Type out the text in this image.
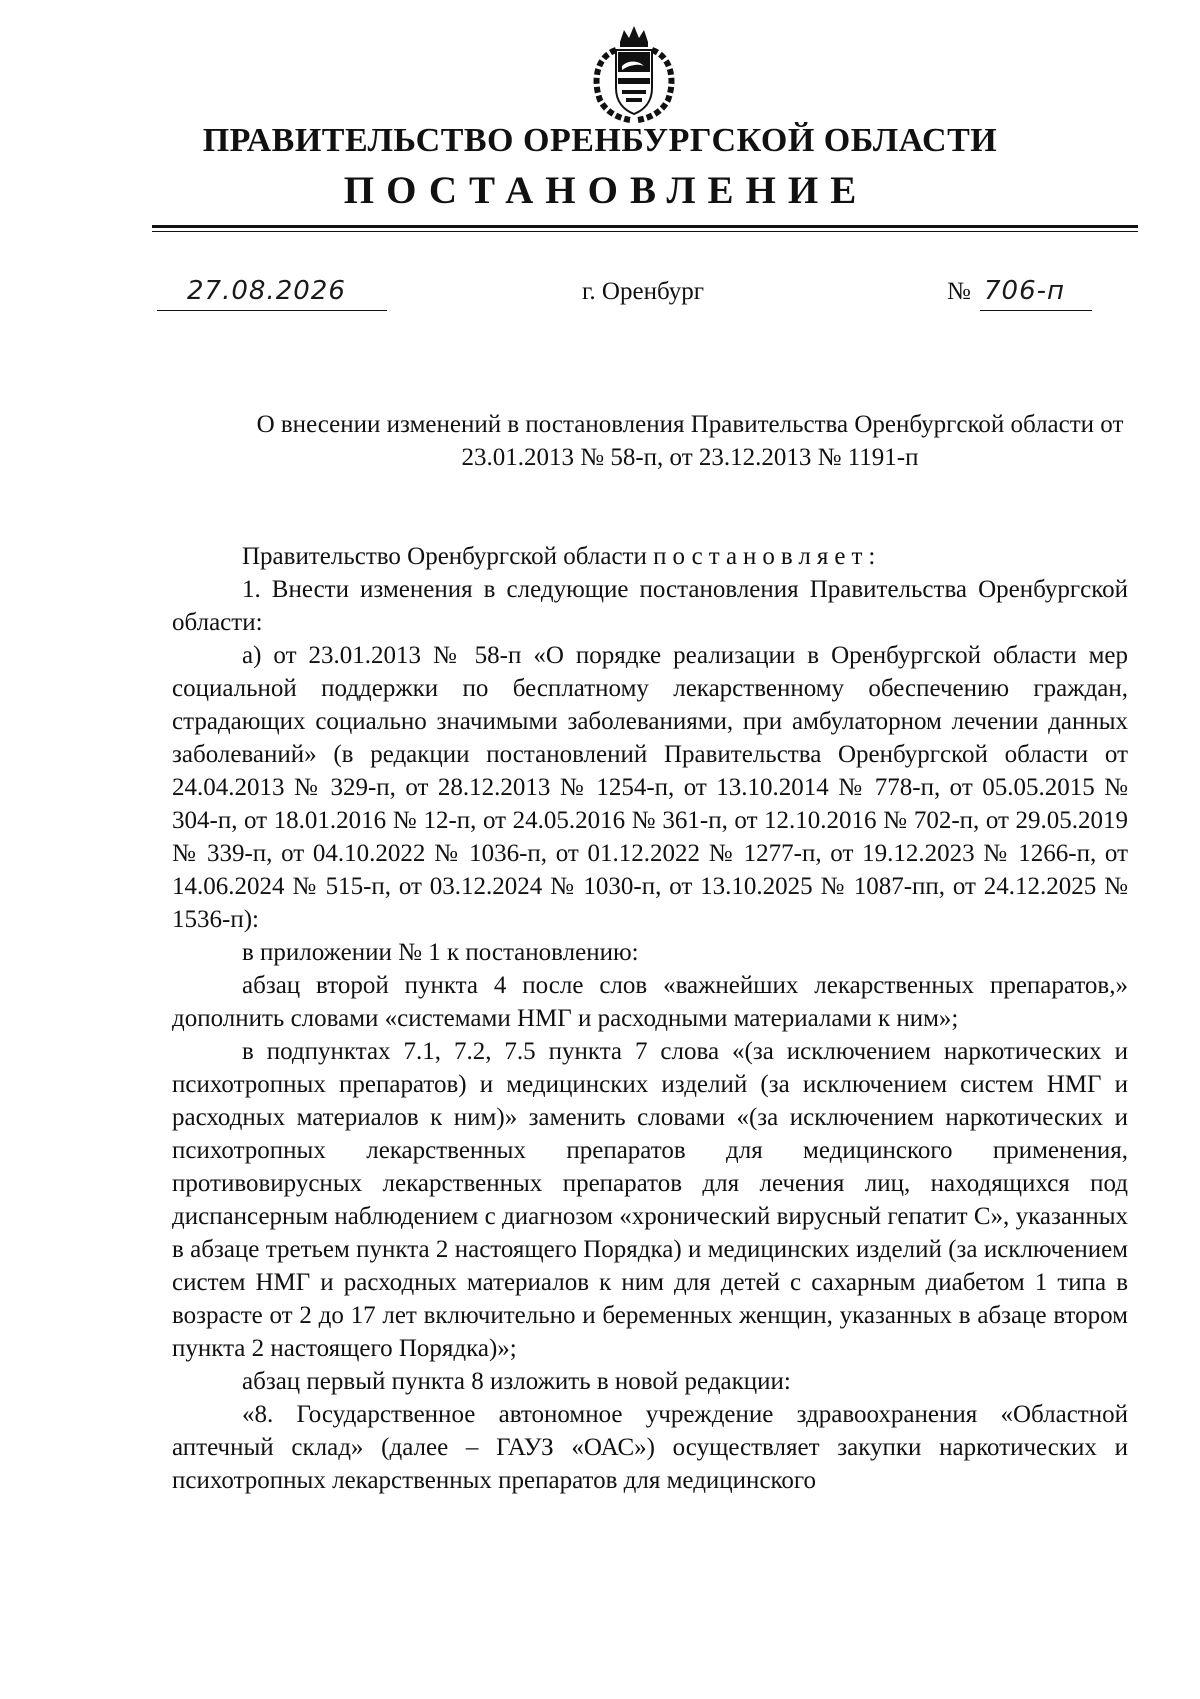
ПРАВИТЕЛЬСТВО ОРЕНБУРГСКОЙ ОБЛАСТИ
ПОСТАНОВЛЕНИЕ
27.08.2026	г. Оренбург	№ 706-п

О внесении изменений в постановления Правительства Оренбургской области от 23.01.2013 № 58-п, от 23.12.2013 № 1191-п

Правительство Оренбургской области постановляет:

1. Внести изменения в следующие постановления Правительства Оренбургской области:

а) от 23.01.2013 № 58-п «О порядке реализации в Оренбургской области мер социальной поддержки по бесплатному лекарственному обеспечению граждан, страдающих социально значимыми заболеваниями, при амбулаторном лечении данных заболеваний» (в редакции постановлений Правительства Оренбургской области от 24.04.2013 № 329-п, от 28.12.2013 № 1254-п, от 13.10.2014 № 778-п, от 05.05.2015 № 304-п, от 18.01.2016 № 12-п, от 24.05.2016 № 361-п, от 12.10.2016 № 702-п, от 29.05.2019 № 339-п, от 04.10.2022 № 1036-п, от 01.12.2022 № 1277-п, от 19.12.2023 № 1266-п, от 14.06.2024 № 515-п, от 03.12.2024 № 1030-п, от 13.10.2025 № 1087-пп, от 24.12.2025 № 1536-п):

в приложении № 1 к постановлению:

абзац второй пункта 4 после слов «важнейших лекарственных препаратов,» дополнить словами «системами НМГ и расходными материалами к ним»;

в подпунктах 7.1, 7.2, 7.5 пункта 7 слова «(за исключением наркотических и психотропных препаратов) и медицинских изделий (за исключением систем НМГ и расходных материалов к ним)» заменить словами «(за исключением наркотических и психотропных лекарственных препаратов для медицинского применения, противовирусных лекарственных препаратов для лечения лиц, находящихся под диспансерным наблюдением с диагнозом «хронический вирусный гепатит С», указанных в абзаце третьем пункта 2 настоящего Порядка) и медицинских изделий (за исключением систем НМГ и расходных материалов к ним для детей с сахарным диабетом 1 типа в возрасте от 2 до 17 лет включительно и беременных женщин, указанных в абзаце втором пункта 2 настоящего Порядка)»;

абзац первый пункта 8 изложить в новой редакции:

«8. Государственное автономное учреждение здравоохранения «Областной аптечный склад» (далее – ГАУЗ «ОАС») осуществляет закупки наркотических и психотропных лекарственных препаратов для медицинского
